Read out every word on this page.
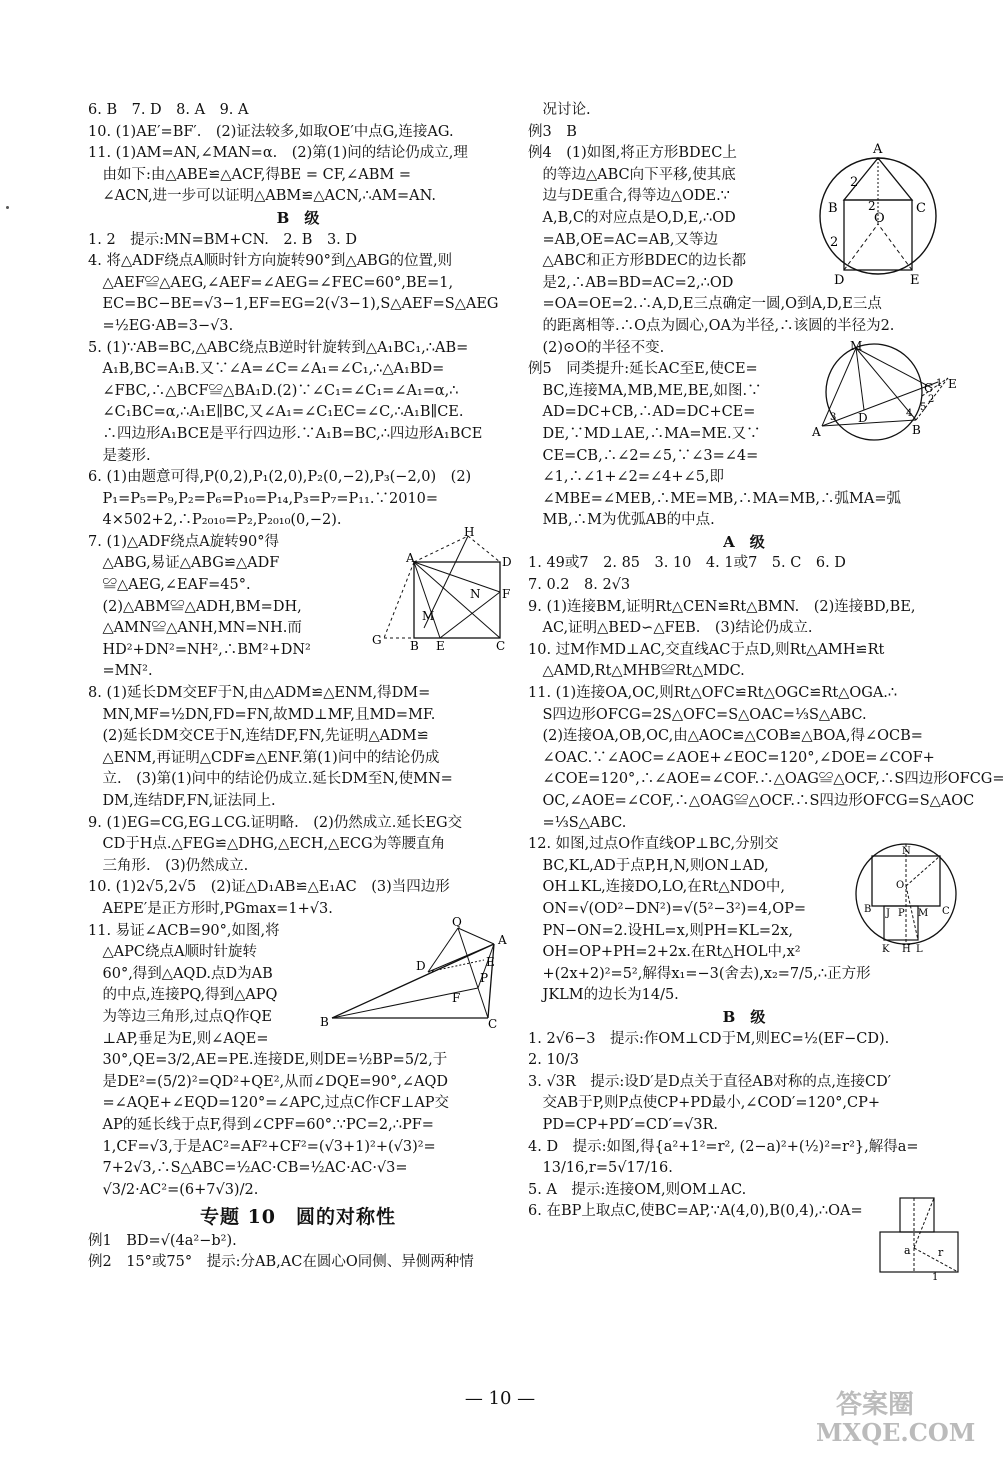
6. B　7. D　8. A　9. A
10. (1)AE′=BF′.　(2)证法较多,如取OE′中点G,连接AG.
11. (1)AM=AN,∠MAN=α.　(2)第(1)问的结论仍成立,理
　由如下:由△ABE≌△ACF,得BE = CF,∠ABM =
　∠ACN,进一步可以证明△ABM≌△ACN,∴AM=AN.
B　级
1. 2　提示:MN=BM+CN.　2. B　3. D
4. 将△ADF绕点A顺时针方向旋转90°到△ABG的位置,则
　△AEF≌△AEG,∠AEF=∠AEG=∠FEC=60°,BE=1,
　EC=BC−BE=√3−1,EF=EG=2(√3−1),S△AEF=S△AEG
　=½EG·AB=3−√3.
5. (1)∵AB=BC,△ABC绕点B逆时针旋转到△A₁BC₁,∴AB=
　A₁B,BC=A₁B.又∵∠A=∠C=∠A₁=∠C₁,∴△A₁BD=
　∠FBC,∴△BCF≌△BA₁D.(2)∵∠C₁=∠C₁=∠A₁=α,∴
　∠C₁BC=α,∴A₁E∥BC,又∠A₁=∠C₁EC=∠C,∴A₁B∥CE.
　∴四边形A₁BCE是平行四边形.∵A₁B=BC,∴四边形A₁BCE
　是菱形.
6. (1)由题意可得,P(0,2),P₁(2,0),P₂(0,−2),P₃(−2,0)　(2)
　P₁=P₅=P₉,P₂=P₆=P₁₀=P₁₄,P₃=P₇=P₁₁.∵2010=
　4×502+2,∴P₂₀₁₀=P₂,P₂₀₁₀(0,−2).
7. (1)△ADF绕点A旋转90°得
　△ABG,易证△ABG≌△ADF
　≌△AEG,∠EAF=45°.
　(2)△ABM≌△ADH,BM=DH,
　△AMN≌△ANH,MN=NH.而
　HD²+DN²=NH²,∴BM²+DN²
　=MN².
8. (1)延长DM交EF于N,由△ADM≌△ENM,得DM=
　MN,MF=½DN,FD=FN,故MD⊥MF,且MD=MF.
　(2)延长DM交CE于N,连结DF,FN,先证明△ADM≌
　△ENM,再证明△CDF≌△ENF.第(1)问中的结论仍成
　立.　(3)第(1)问中的结论仍成立.延长DM至N,使MN=
　DM,连结DF,FN,证法同上.
9. (1)EG=CG,EG⊥CG.证明略.　(2)仍然成立.延长EG交
　CD于H点.△FEG≌△DHG,△ECH,△ECG为等腰直角
　三角形.　(3)仍然成立.
10. (1)2√5,2√5　(2)证△D₁AB≌△E₁AC　(3)当四边形
　AEPE′是正方形时,PGmax=1+√3.
11. 易证∠ACB=90°,如图,将
　△APC绕点A顺时针旋转
　60°,得到△AQD.点D为AB
　的中点,连接PQ,得到△APQ
　为等边三角形,过点Q作QE
　⊥AP,垂足为E,则∠AQE=
　30°,QE=3/2,AE=PE.连接DE,则DE=½BP=5/2,于
　是DE²=(5/2)²=QD²+QE²,从而∠DQE=90°,∠AQD
　=∠AQE+∠EQD=120°=∠APC,过点C作CF⊥AP交
　AP的延长线于点F,得到∠CPF=60°.∵PC=2,∴PF=
　1,CF=√3,于是AC²=AF²+CF²=(√3+1)²+(√3)²=
　7+2√3,∴S△ABC=½AC·CB=½AC·AC·√3=
　√3/2·AC²=(6+7√3)/2.
专题 10　圆的对称性
例1　BD=√(4a²−b²).
例2　15°或75°　提示:分AB,AC在圆心O同侧、异侧两种情
　况讨论.
例3　B
例4　(1)如图,将正方形BDEC上
　的等边△ABC向下平移,使其底
　边与DE重合,得等边△ODE.∵
　A,B,C的对应点是O,D,E,∴OD
　=AB,OE=AC=AB,又等边
　△ABC和正方形BDEC的边长都
　是2,∴AB=BD=AC=2,∴OD
　=OA=OE=2.∴A,D,E三点确定一圆,O到A,D,E三点
　的距离相等.∴O点为圆心,OA为半径,∴该圆的半径为2.
　(2)⊙O的半径不变.
例5　同类提升:延长AC至E,使CE=
　BC,连接MA,MB,ME,BE,如图.∵
　AD=DC+CB,∴AD=DC+CE=
　DE,∵MD⊥AE,∴MA=ME.又∵
　CE=CB,∴∠2=∠5,∵∠3=∠4=
　∠1,∴∠1+∠2=∠4+∠5,即
　∠MBE=∠MEB,∴ME=MB,∴MA=MB,∴弧MA=弧
　MB,∴M为优弧AB的中点.
A　级
1. 49或7　2. 85　3. 10　4. 1或7　5. C　6. D
7. 0.2　8. 2√3
9. (1)连接BM,证明Rt△CEN≌Rt△BMN.　(2)连接BD,BE,
　AC,证明△BED∽△FEB.　(3)结论仍成立.
10. 过M作MD⊥AC,交直线AC于点D,则Rt△AMH≌Rt
　△AMD,Rt△MHB≌Rt△MDC.
11. (1)连接OA,OC,则Rt△OFC≌Rt△OGC≌Rt△OGA.∴
　S四边形OFCG=2S△OFC=S△OAC=⅓S△ABC.
　(2)连接OA,OB,OC,由△AOC≌△COB≌△BOA,得∠OCB=
　∠OAC.∵∠AOC=∠AOE+∠EOC=120°,∠DOE=∠COF+
　∠COE=120°,∴∠AOE=∠COF.∴△OAG≌△OCF,∴S四边形OFCG=
　OC,∠AOE=∠COF,∴△OAG≌△OCF.∴S四边形OFCG=S△AOC
　=⅓S△ABC.
12. 如图,过点O作直线OP⊥BC,分别交
　BC,KL,AD于点P,H,N,则ON⊥AD,
　OH⊥KL,连接DO,LO,在Rt△NDO中,
　ON=√(OD²−DN²)=√(5²−3²)=4,OP=
　PN−ON=2.设HL=x,则PH=KL=2x,
　OH=OP+PH=2+2x.在Rt△HOL中,x²
　+(2x+2)²=5²,解得x₁=−3(舍去),x₂=7/5,∴正方形
　JKLM的边长为14/5.
B　级
1. 2√6−3　提示:作OM⊥CD于M,则EC=½(EF−CD).
2. 10/3
3. √3R　提示:设D′是D点关于直径AB对称的点,连接CD′
　交AB于P,则P点使CP+PD最小,∠COD′=120°,CP+
　PD=CP+PD′=CD′=√3R.
4. D　提示:如图,得{a²+1²=r², (2−a)²+(½)²=r²},解得a=
　13/16,r=5√17/16.
5. A　提示:连接OM,则OM⊥AC.
6. 在BP上取点C,使BC=AP,∵A(4,0),B(0,4),∴OA=
A
B	C
D	E
O
2
2
2
M
A	B
C
D
E
1
2
3	4
5
A
B	C
D
E
F
G
H
M
N
Q
A
D	E
F
P
B	C
N
O
B J P M C
K H L
a r
1
— 10 —	答案圈
MXQE.COM
